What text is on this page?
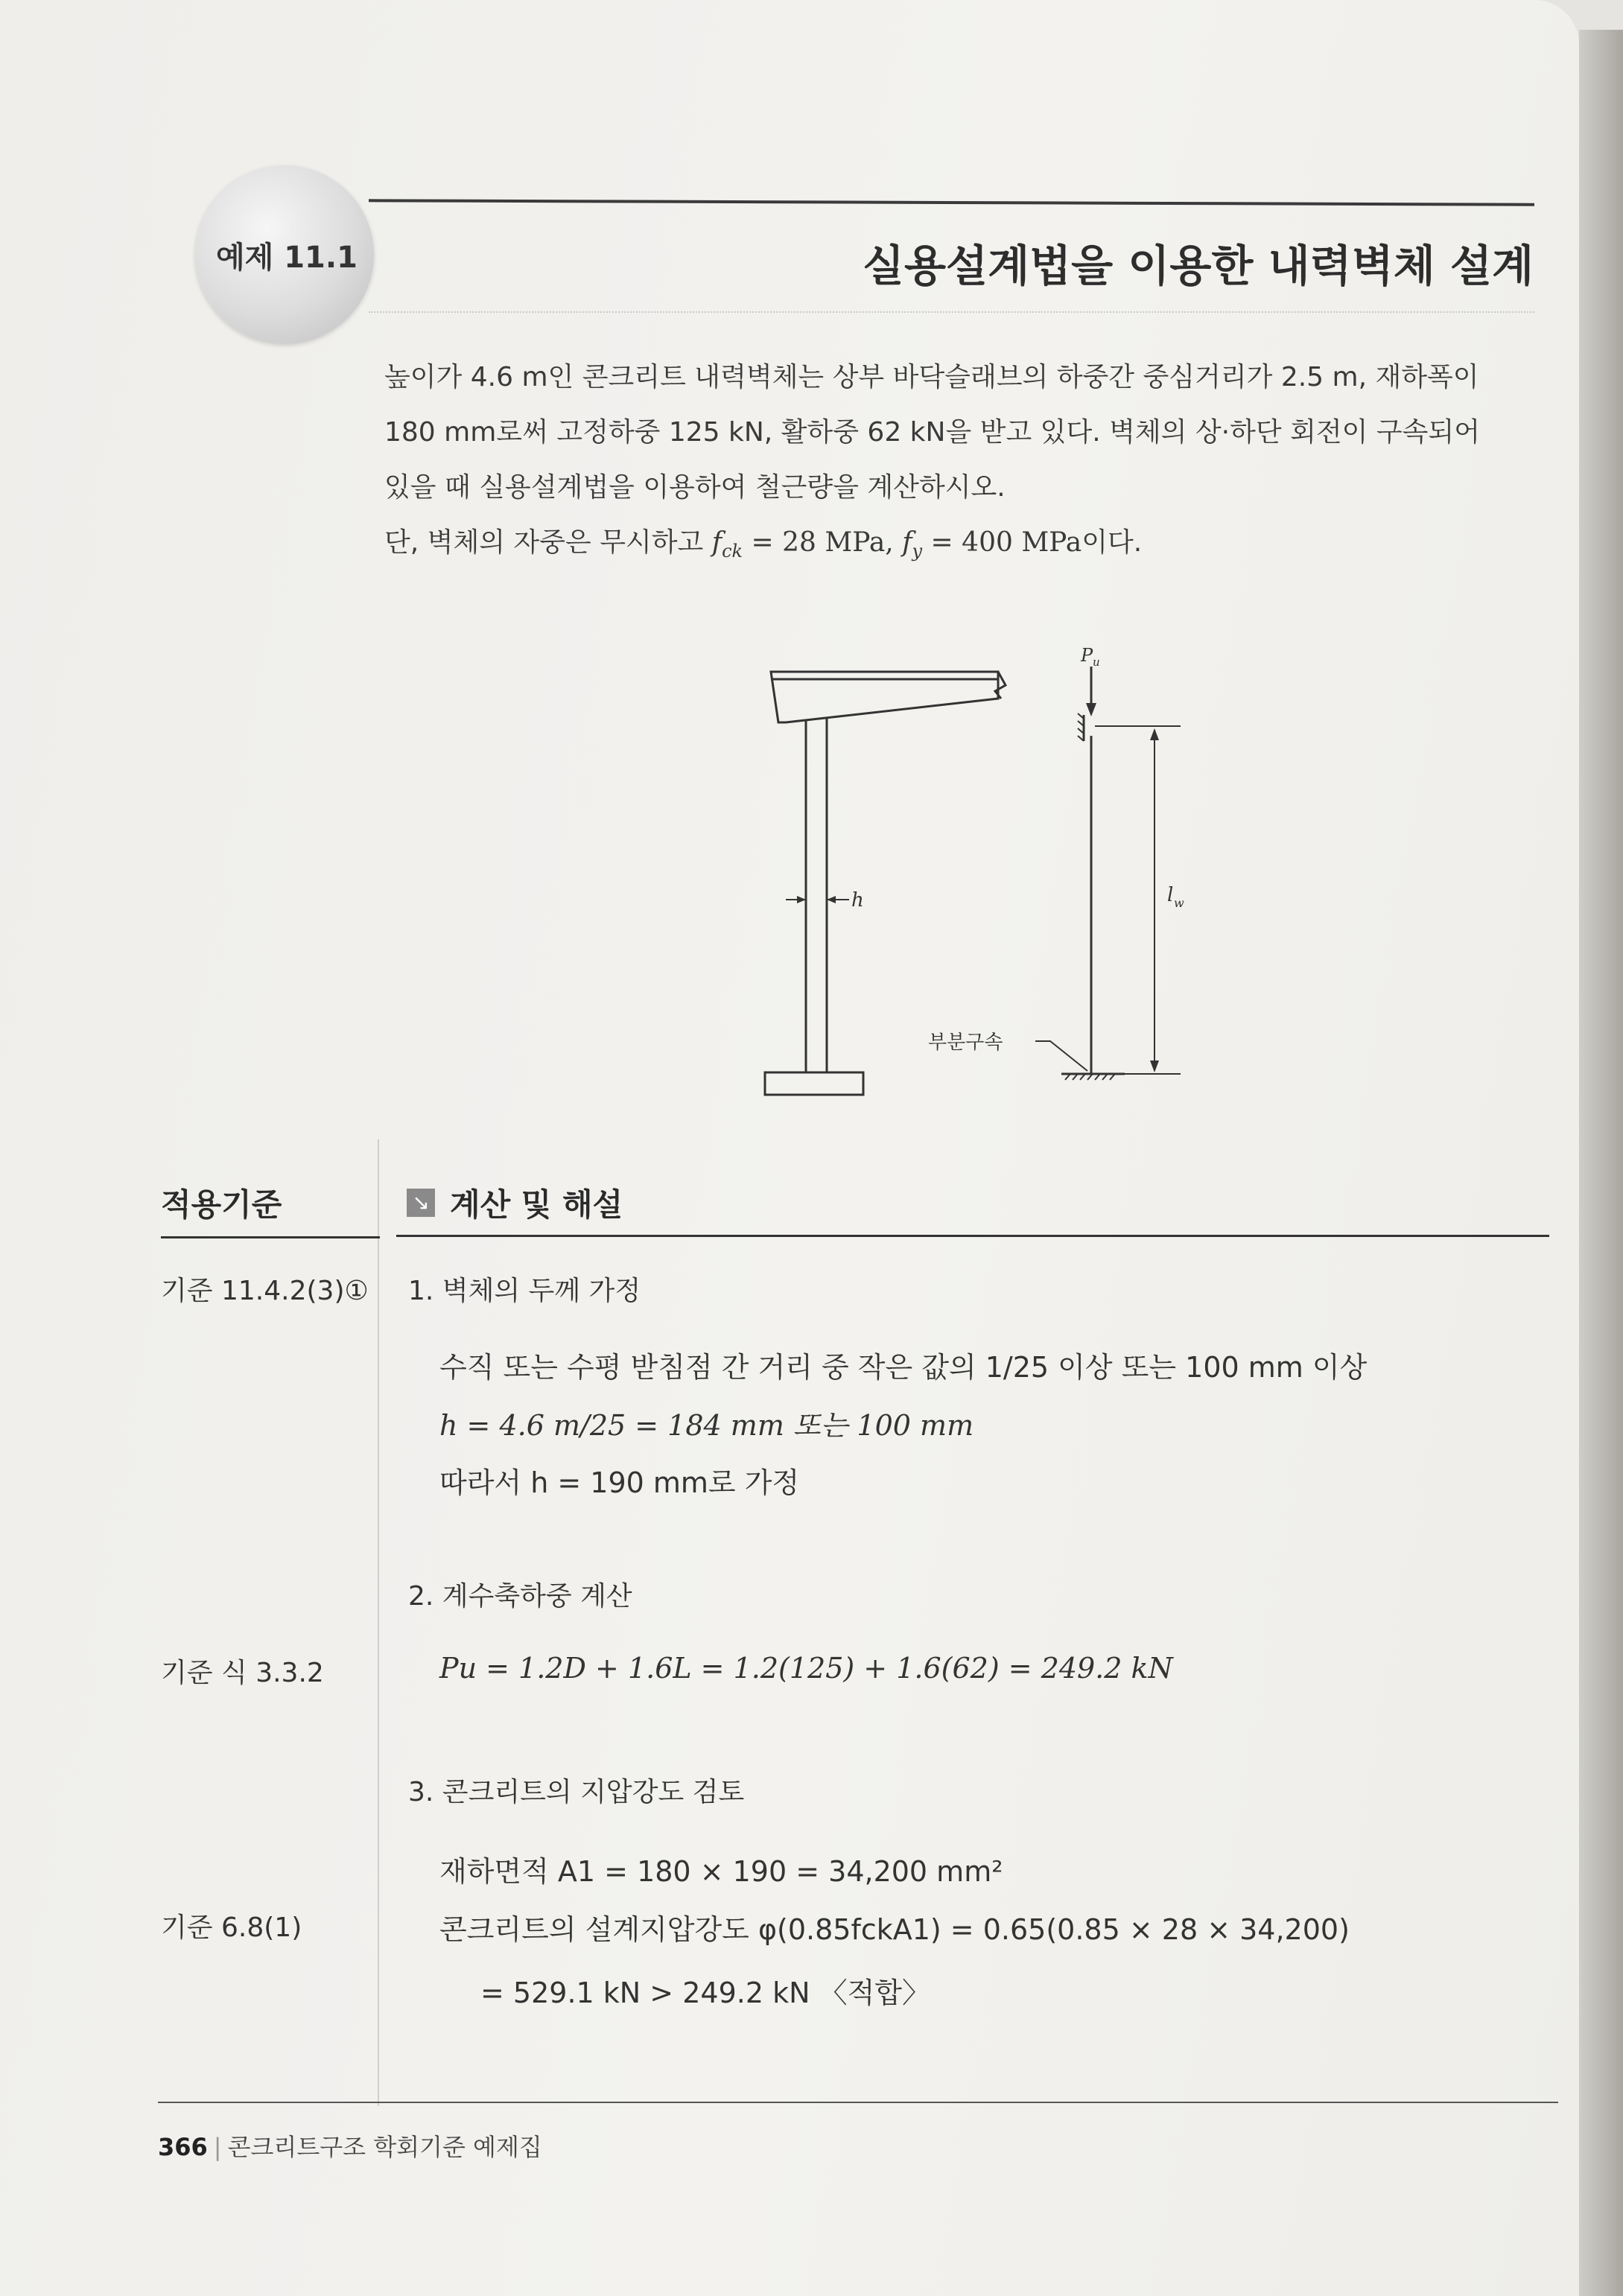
예제 11.1	실용설계법을 이용한 내력벽체 설계

높이가 4.6 m인 콘크리트 내력벽체는 상부 바닥슬래브의 하중간 중심거리가 2.5 m, 재하폭이

180 mm로써 고정하중 125 kN, 활하중 62 kN을 받고 있다. 벽체의 상·하단 회전이 구속되어

있을 때 실용설계법을 이용하여 철근량을 계산하시오.

단, 벽체의 자중은 무시하고 $f_{ck} = 28$ MPa, $f_y = 400$ MPa이다.

h
P u
l w
부분구속
적용기준	↘ 계산 및 해설
기준 11.4.2(3)①
기준 식 3.3.2
기준 6.8(1)
1. 벽체의 두께 가정
수직 또는 수평 받침점 간 거리 중 작은 값의 1/25 이상 또는 100 mm 이상
h = 4.6 m/25 = 184 mm 또는 100 mm
따라서 h = 190 mm로 가정
2. 계수축하중 계산
Pu = 1.2D + 1.6L = 1.2(125) + 1.6(62) = 249.2 kN
3. 콘크리트의 지압강도 검토
재하면적 A1 = 180 × 190 = 34,200 mm²
콘크리트의 설계지압강도 φ(0.85fckA1) = 0.65(0.85 × 28 × 34,200)
= 529.1 kN > 249.2 kN 〈적합〉
366 | 콘크리트구조 학회기준 예제집
